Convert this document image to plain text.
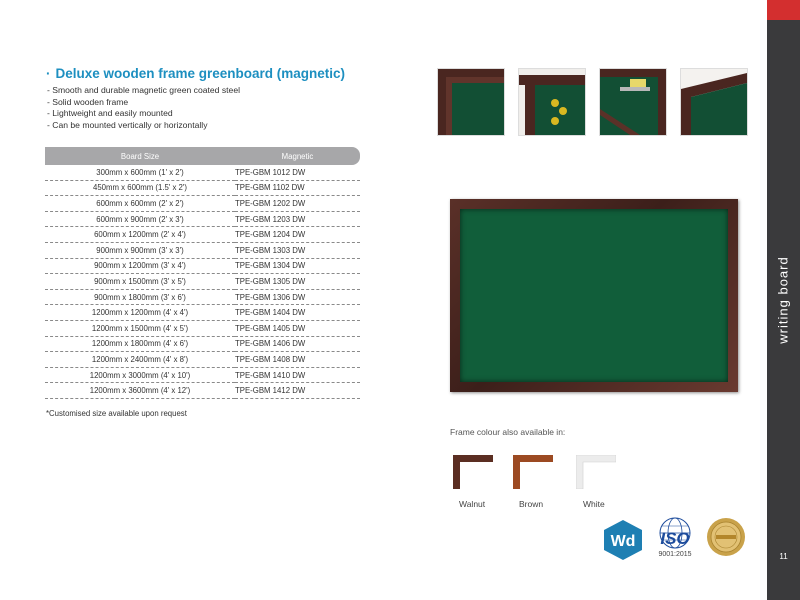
writing board
11
· Deluxe wooden frame greenboard (magnetic)
- Smooth and durable magnetic green coated steel
- Solid wooden frame
- Lightweight and easily mounted
- Can be mounted vertically or horizontally
Board Size	Magnetic
300mm x 600mm (1' x 2')	TPE-GBM 1012 DW
450mm x 600mm (1.5' x 2')	TPE-GBM 1102 DW
600mm x 600mm (2' x 2')	TPE-GBM 1202 DW
600mm x 900mm (2' x 3')	TPE-GBM 1203 DW
600mm x 1200mm (2' x 4')	TPE-GBM 1204 DW
900mm x 900mm (3' x 3')	TPE-GBM 1303 DW
900mm x 1200mm (3' x 4')	TPE-GBM 1304 DW
900mm x 1500mm (3' x 5')	TPE-GBM 1305 DW
900mm x 1800mm (3' x 6')	TPE-GBM 1306 DW
1200mm x 1200mm (4' x 4')	TPE-GBM 1404 DW
1200mm x 1500mm (4' x 5')	TPE-GBM 1405 DW
1200mm x 1800mm (4' x 6')	TPE-GBM 1406 DW
1200mm x 2400mm (4' x 8')	TPE-GBM 1408 DW
1200mm x 3000mm (4' x 10')	TPE-GBM 1410 DW
1200mm x 3600mm (4' x 12')	TPE-GBM 1412 DW
*Customised size available upon request
Frame colour also available in:
Walnut	Brown	White
Wd	ISO
9001:2015
